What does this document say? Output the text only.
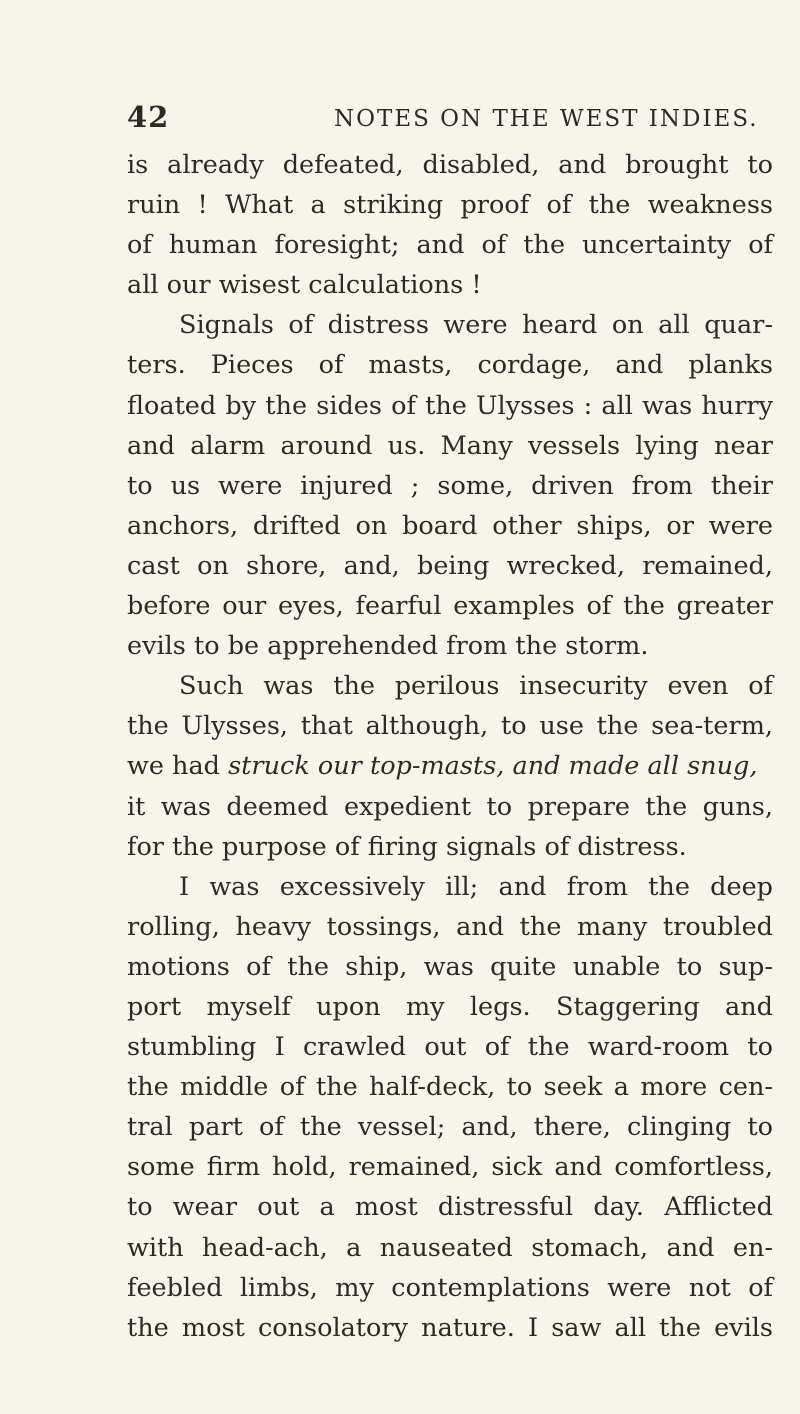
42	NOTES ON THE WEST INDIES.
is already defeated, disabled, and brought to
ruin ! What a striking proof of the weakness
of human foresight; and of the uncertainty of
all our wisest calculations !
Signals of distress were heard on all quar-
ters. Pieces of masts, cordage, and planks
floated by the sides of the Ulysses : all was hurry
and alarm around us. Many vessels lying near
to us were injured ; some, driven from their
anchors, drifted on board other ships, or were
cast on shore, and, being wrecked, remained,
before our eyes, fearful examples of the greater
evils to be apprehended from the storm.
Such was the perilous insecurity even of
the Ulysses, that although, to use the sea-term,
we had struck our top-masts, and made all snug,
it was deemed expedient to prepare the guns,
for the purpose of firing signals of distress.
I was excessively ill; and from the deep
rolling, heavy tossings, and the many troubled
motions of the ship, was quite unable to sup-
port myself upon my legs. Staggering and
stumbling I crawled out of the ward-room to
the middle of the half-deck, to seek a more cen-
tral part of the vessel; and, there, clinging to
some firm hold, remained, sick and comfortless,
to wear out a most distressful day. Afflicted
with head-ach, a nauseated stomach, and en-
feebled limbs, my contemplations were not of
the most consolatory nature. I saw all the evils
